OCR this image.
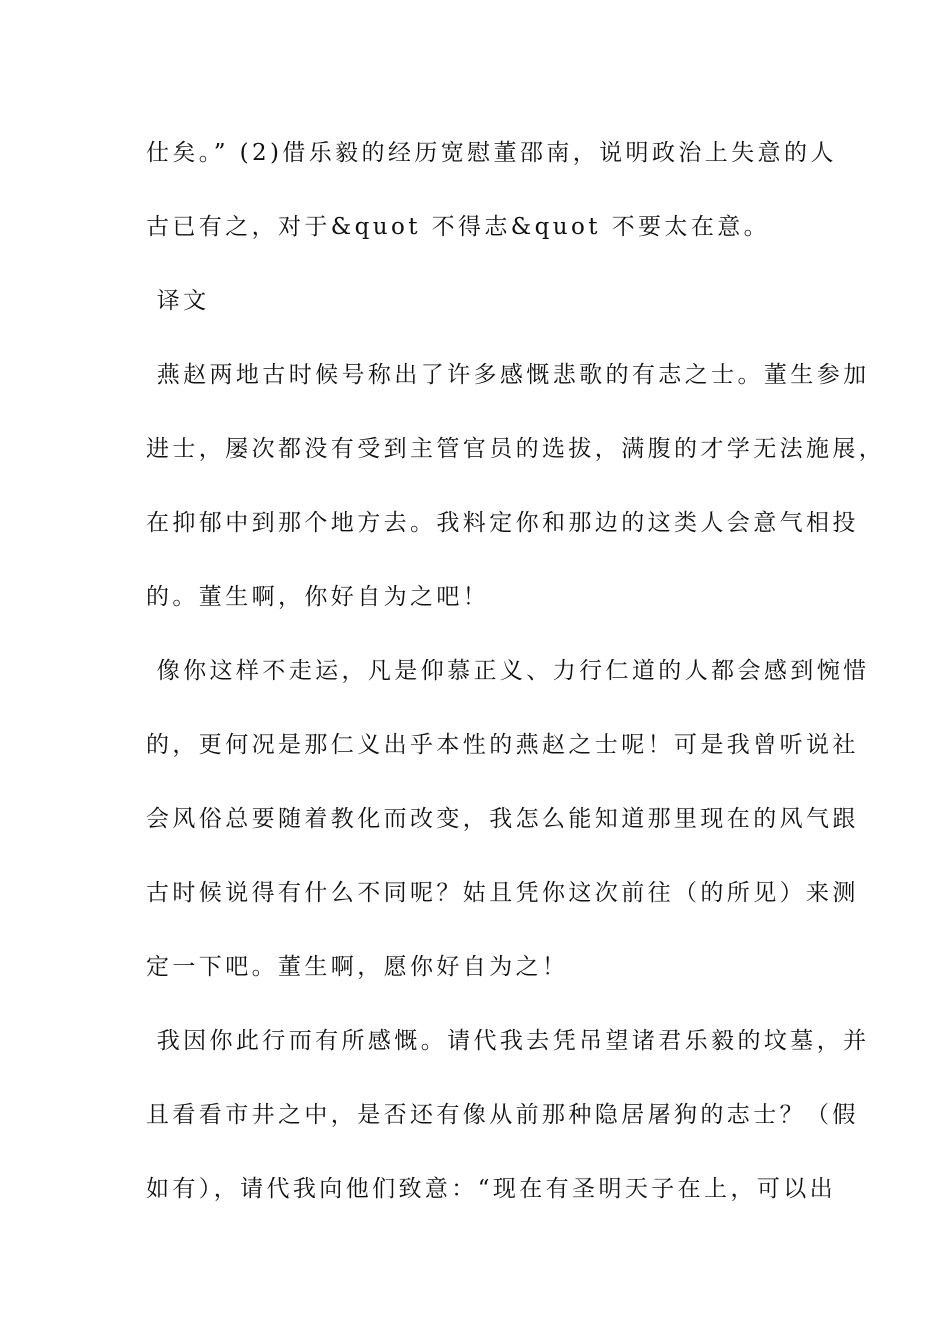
仕矣。” (2)借乐毅的经历宽慰董邵南，说明政治上失意的人
古已有之，对于&quot 不得志&quot 不要太在意。
译文
燕赵两地古时候号称出了许多感慨悲歌的有志之士。董生参加
进士，屡次都没有受到主管官员的选拔，满腹的才学无法施展，
在抑郁中到那个地方去。我料定你和那边的这类人会意气相投
的。董生啊，你好自为之吧！
像你这样不走运，凡是仰慕正义、力行仁道的人都会感到惋惜
的，更何况是那仁义出乎本性的燕赵之士呢！可是我曾听说社
会风俗总要随着教化而改变，我怎么能知道那里现在的风气跟
古时候说得有什么不同呢？姑且凭你这次前往（的所见）来测
定一下吧。董生啊，愿你好自为之！
我因你此行而有所感慨。请代我去凭吊望诸君乐毅的坟墓，并
且看看市井之中，是否还有像从前那种隐居屠狗的志士？（假
如有），请代我向他们致意：“现在有圣明天子在上，可以出
